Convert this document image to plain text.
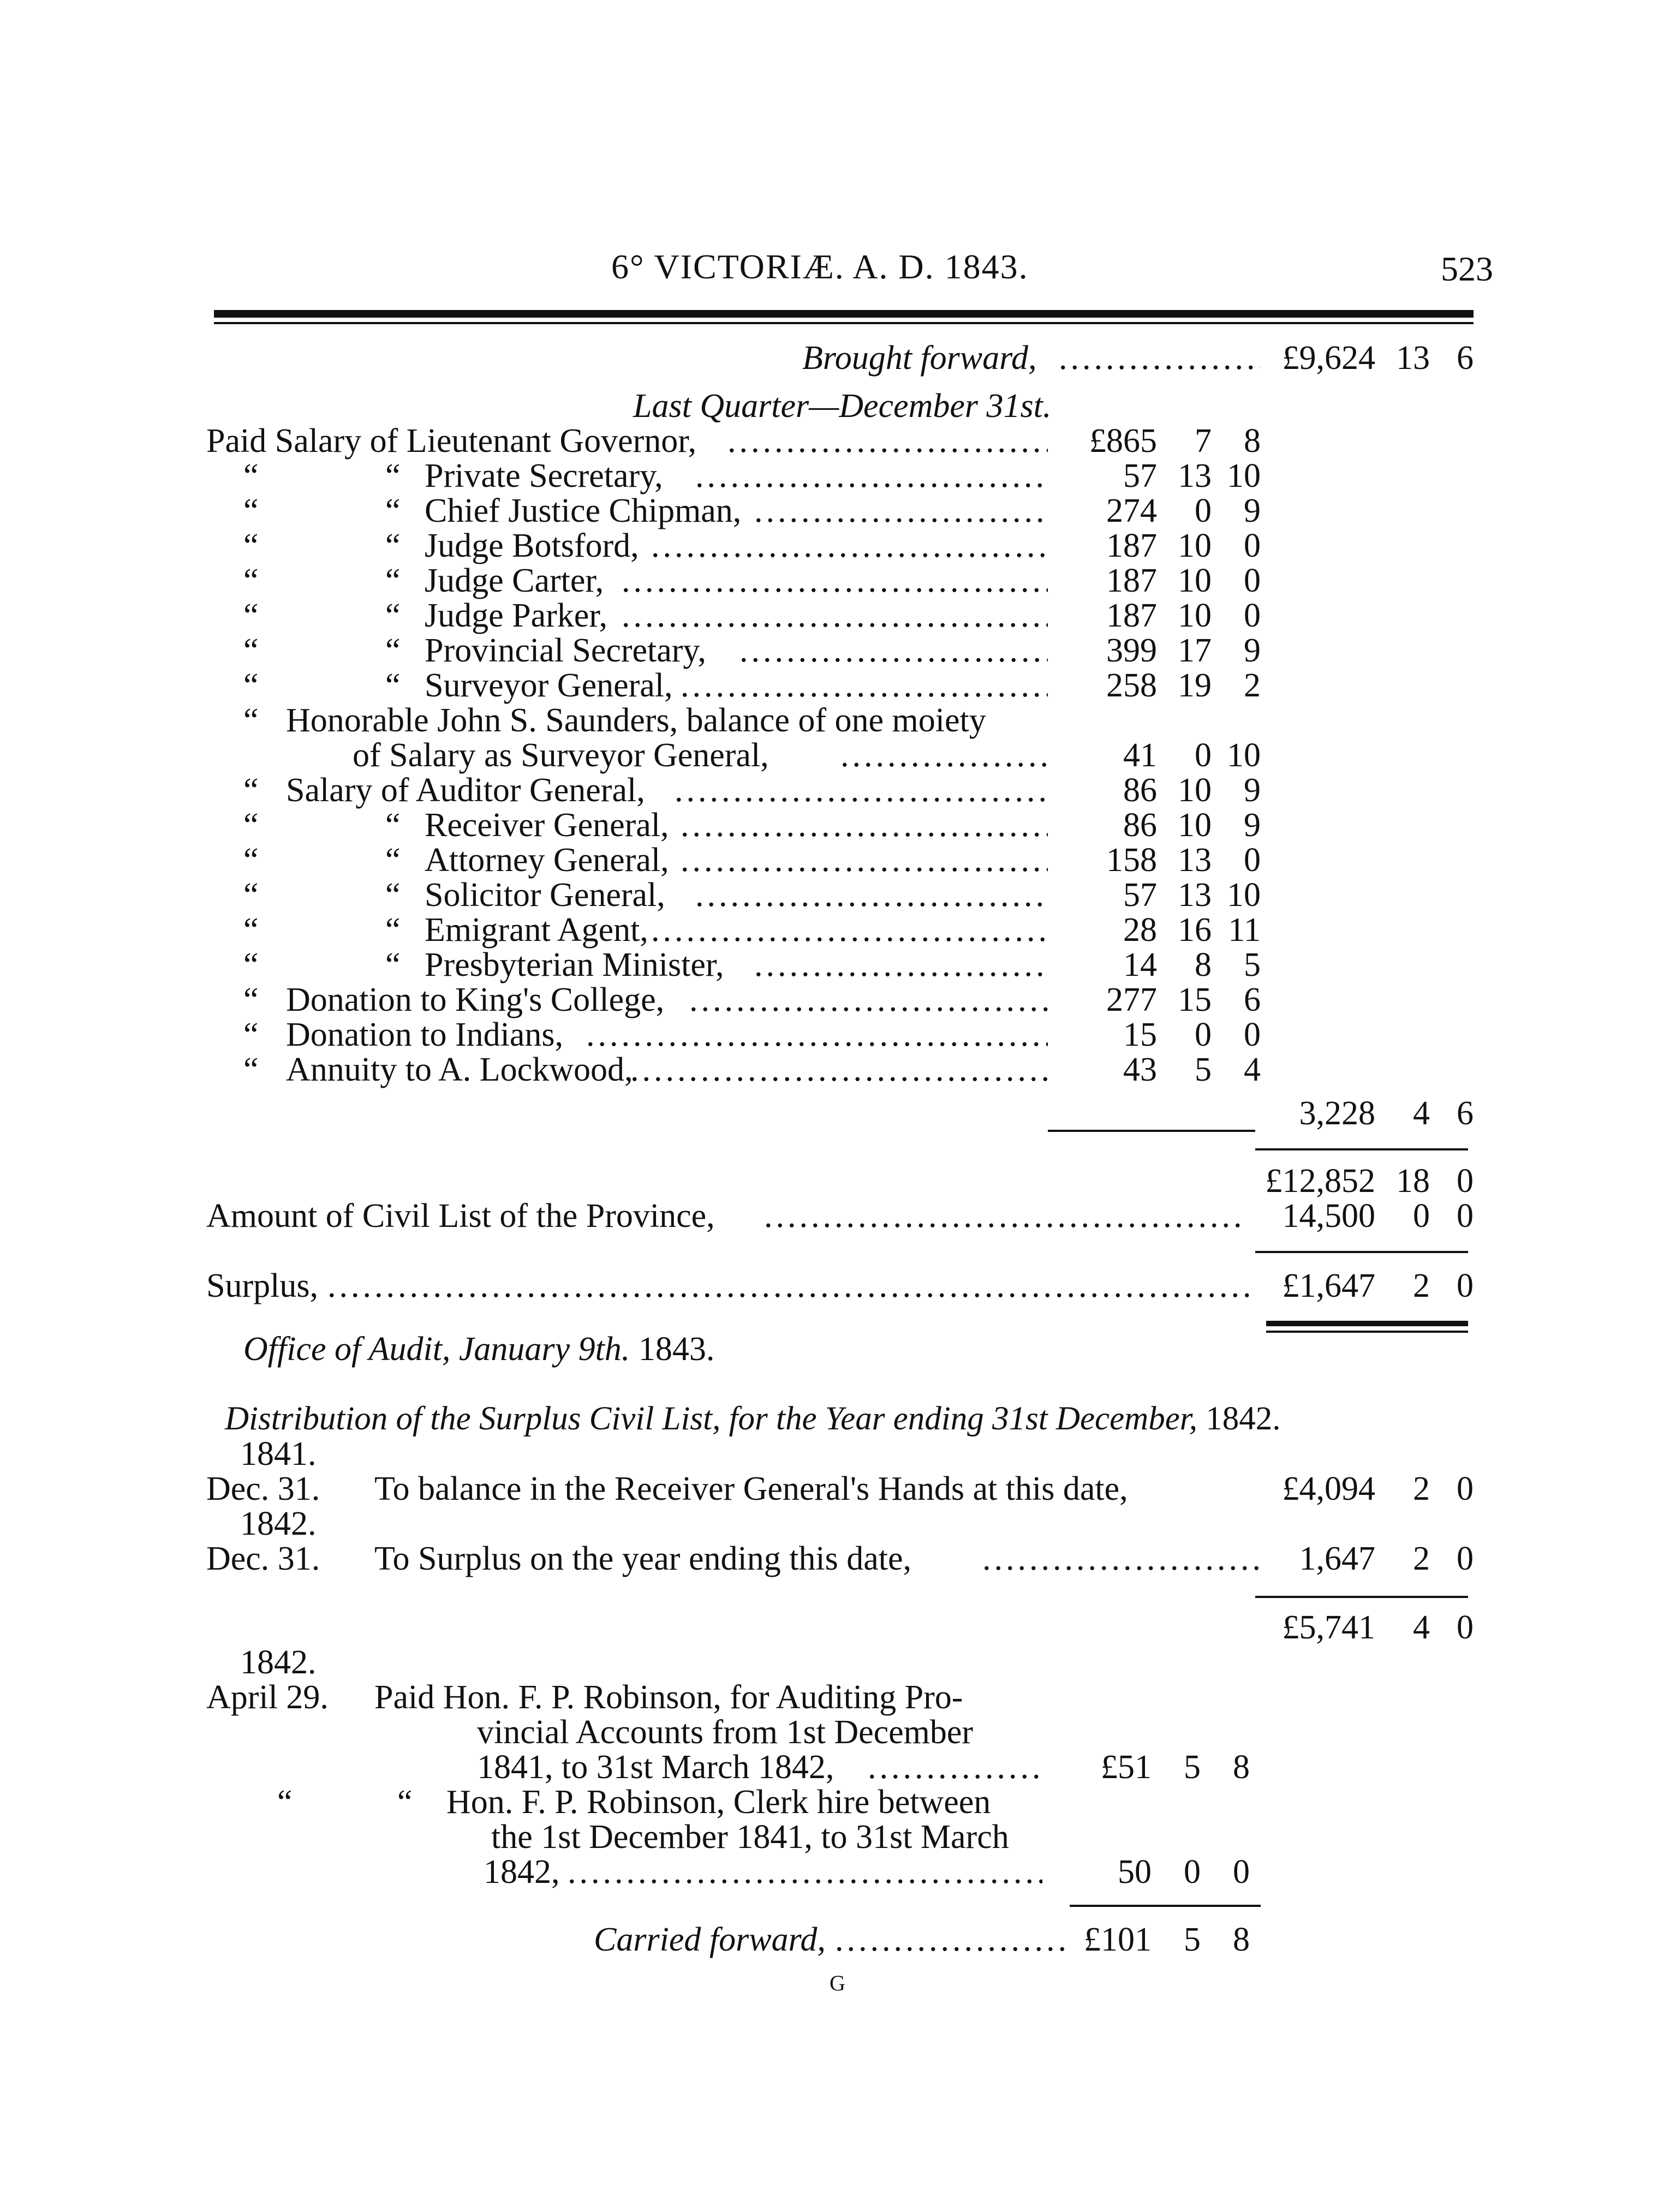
6° VICTORIÆ. A. D. 1843.	523
Brought forward, .....	£9,624 13 6
Last Quarter—December 31st.
Paid Salary of Lieutenant Governor, .....	£865	7 8
“	“ Private Secretary, .....	57 13 10
“	“ Chief Justice Chipman, .....	274	0 9
“	“ Judge Botsford, .....	187 10 0
“	“ Judge Carter, .....	187 10 0
“	“ Judge Parker, .....	187 10 0
“	“ Provincial Secretary, .....	399 17 9
“	“ Surveyor General, .....	258 19 2
“ Honorable John S. Saunders, balance of one moiety
of Salary as Surveyor General, .....	41	0 10
“ Salary of Auditor General, .....	86 10 9
“	“ Receiver General, .....	86 10 9
“	“ Attorney General, .....	158 13 0
“	“ Solicitor General, .....	57 13 10
“	“ Emigrant Agent, .....	28 16 11
“	“ Presbyterian Minister, .....	14	8 5
“ Donation to King's College, .....	277 15 6
“ Donation to Indians, .....	15	0 0
“ Annuity to A. Lockwood, .....	43	5 4
3,228	4 6
£12,852 18 0
Amount of Civil List of the Province, .....	14,500	0 0
Surplus, .....	£1,647	2 0
Office of Audit, January 9th. 1843.
Distribution of the Surplus Civil List, for the Year ending 31st December, 1842.
1841.
Dec. 31. To balance in the Receiver General's Hands at this date,	£4,094	2 0
1842.
Dec. 31. To Surplus on the year ending this date, .....	1,647	2 0
£5,741	4 0
1842.
April 29. Paid Hon. F. P. Robinson, for Auditing Pro-
vincial Accounts from 1st December
1841, to 31st March 1842, .....	£51 5 8
“	“ Hon. F. P. Robinson, Clerk hire between
the 1st December 1841, to 31st March
1842, .....	50 0 0
Carried forward, .....	£101 5 8
G
